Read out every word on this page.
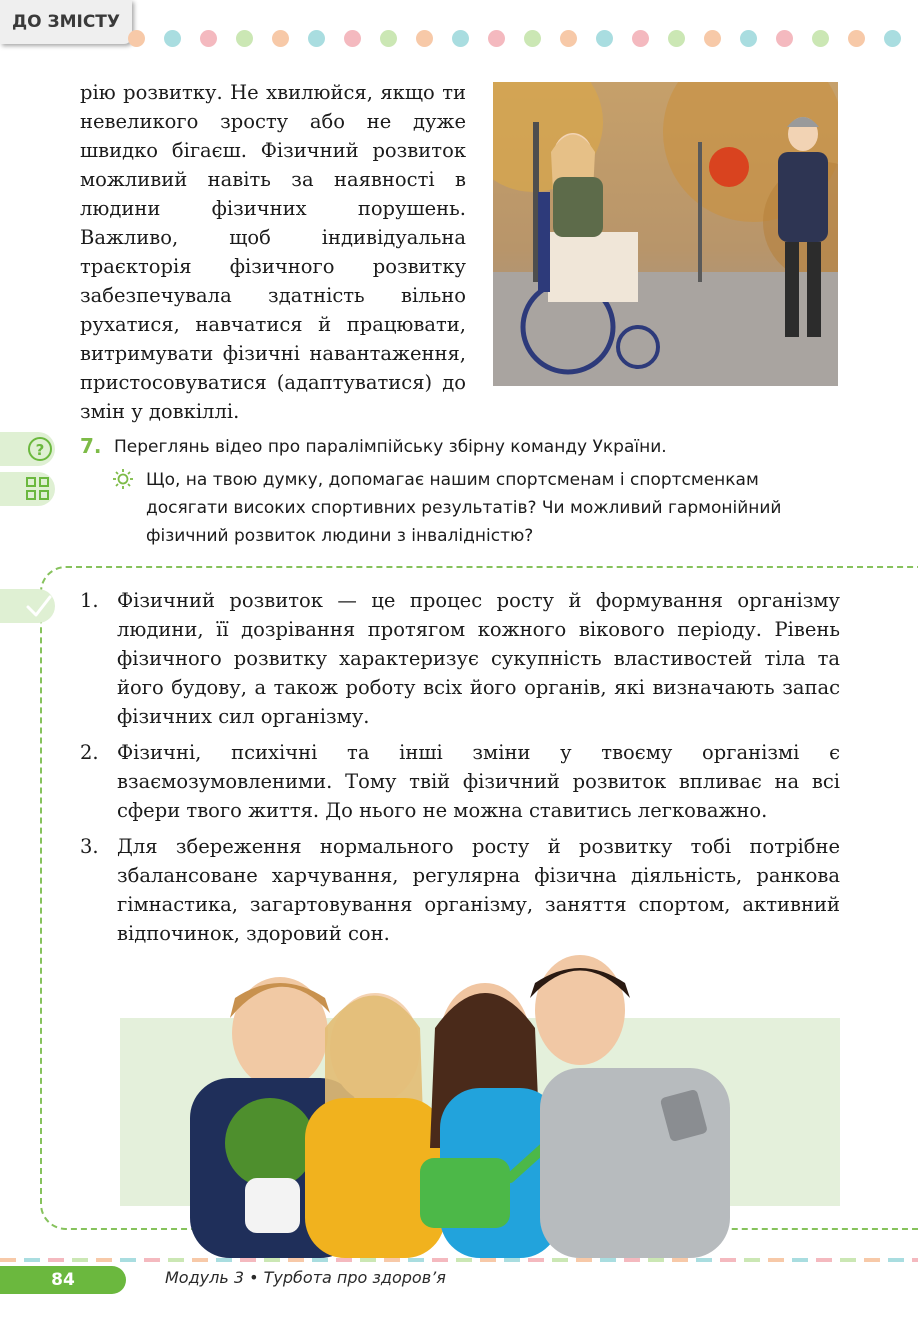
ДО ЗМІСТУ
рію розвитку. Не хвилюйся, якщо ти невеликого зросту або не дуже швидко бігаєш. Фізичний розвиток можливий навіть за наявності в людини фізичних порушень. Важливо, щоб індивідуальна траєкторія фізичного розвитку забезпечувала здатність вільно рухатися, навчатися й працювати, витримувати фізичні навантаження, пристосовуватися (адаптуватися) до змін у довкіллі.
? 7. Переглянь відео про паралімпійську збірну команду України.
Що, на твою думку, допомагає нашим спортсменам і спортсменкам досягати високих спортивних результатів? Чи можливий гармонійний фізичний розвиток людини з інвалідністю?
1. Фізичний розвиток — це процес росту й формування організму людини, її дозрівання протягом кожного вікового періоду. Рівень фізичного розвитку характеризує сукупність властивостей тіла та його будову, а також роботу всіх його органів, які визначають запас фізичних сил організму.
2. Фізичні, психічні та інші зміни у твоєму організмі є взаємозумовленими. Тому твій фізичний розвиток впливає на всі сфери твого життя. До нього не можна ставитись легковажно.
3. Для збереження нормального росту й розвитку тобі потрібне збалансоване харчування, регулярна фізична діяльність, ранкова гімнастика, загартовування організму, заняття спортом, активний відпочинок, здоровий сон.
84	Модуль 3 • Турбота про здоров’я
